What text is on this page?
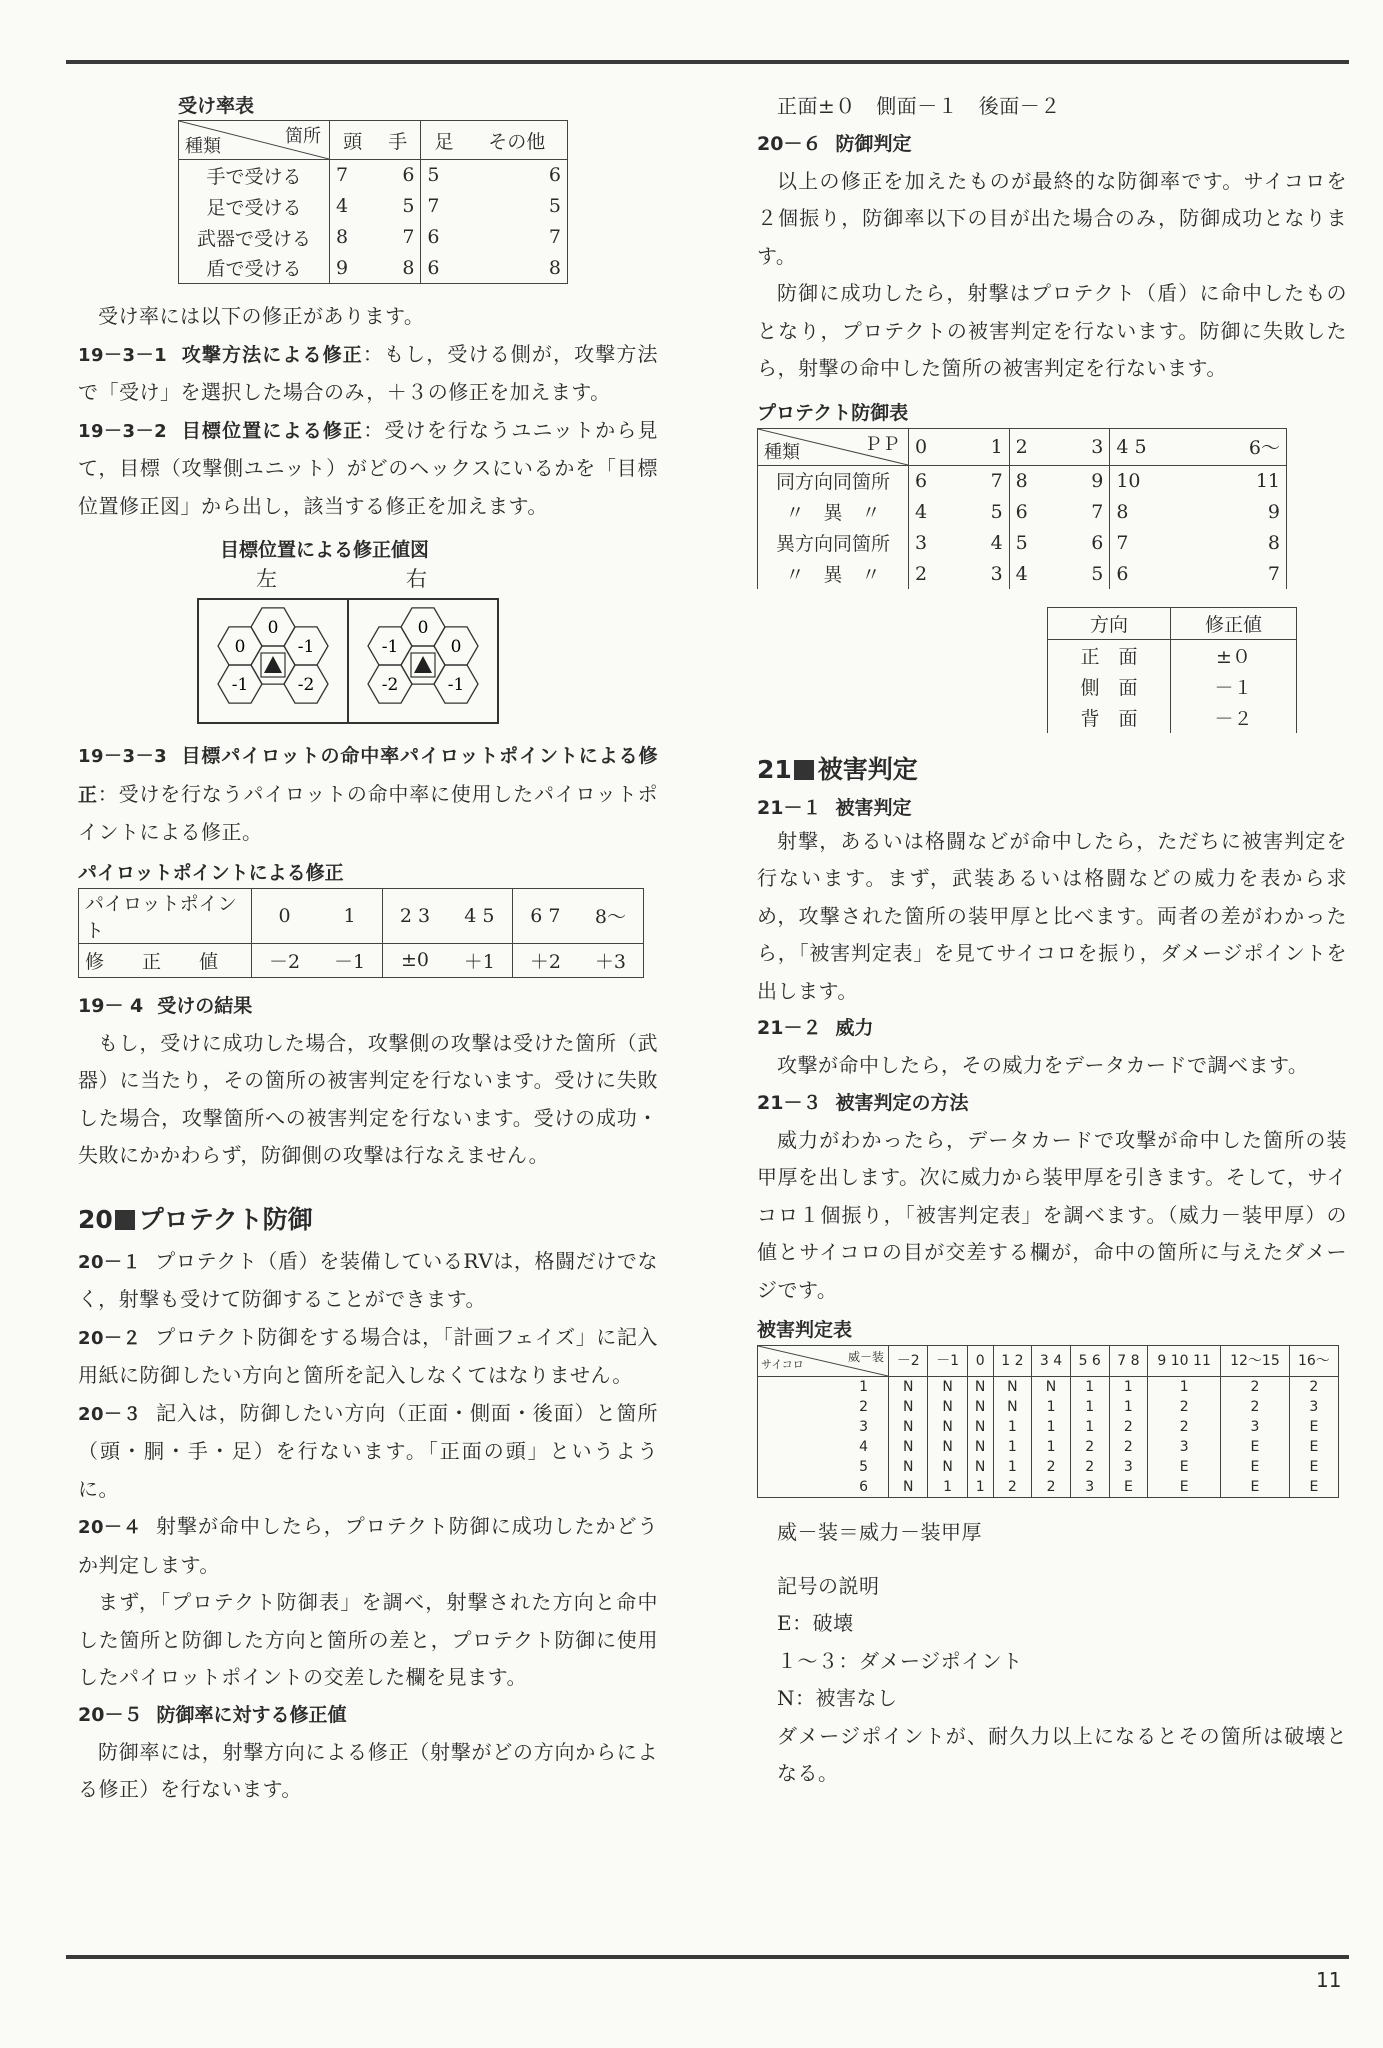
受け率表
箇所
種類	頭	手	足	その他
手で受ける	7	6	5	6
足で受ける	4	5	7	5
武器で受ける	8	7	6	7
盾で受ける	9	8	6	8

受け率には以下の修正があります。

19－3－1 攻撃方法による修正：もし，受ける側が，攻撃方法で「受け」を選択した場合のみ，＋３の修正を加えます。

19－3－2 目標位置による修正：受けを行なうユニットから見て，目標（攻撃側ユニット）がどのヘックスにいるかを「目標位置修正図」から出し，該当する修正を加えます。

目標位置による修正値図
左	右
0
0	-1
-1	-2
0
-1	0
-2	-1

19－3－3 目標パイロットの命中率パイロットポイントによる修正：受けを行なうパイロットの命中率に使用したパイロットポイントによる修正。

パイロットポイントによる修正
パイロットポイント	0	1	2 3	4 5	6 7	8～
修　　正　　値	－2	－1	±0	＋1	＋2	＋3
19－ 4 受けの結果

もし，受けに成功した場合，攻撃側の攻撃は受けた箇所（武器）に当たり，その箇所の被害判定を行ないます。受けに失敗した場合，攻撃箇所への被害判定を行ないます。受けの成功・失敗にかかわらず，防御側の攻撃は行なえません。

20 プロテクト防御

20－１ プロテクト（盾）を装備しているRVは，格闘だけでなく，射撃も受けて防御することができます。

20－２ プロテクト防御をする場合は，「計画フェイズ」に記入用紙に防御したい方向と箇所を記入しなくてはなりません。

20－３ 記入は，防御したい方向（正面・側面・後面）と箇所（頭・胴・手・足）を行ないます。「正面の頭」というように。

20－４ 射撃が命中したら，プロテクト防御に成功したかどうか判定します。

まず，「プロテクト防御表」を調べ，射撃された方向と命中した箇所と防御した方向と箇所の差と，プロテクト防御に使用したパイロットポイントの交差した欄を見ます。

20－５ 防御率に対する修正値

防御率には，射撃方向による修正（射撃がどの方向からによる修正）を行ないます。

正面±０　側面－１　後面－２

20－６ 防御判定

以上の修正を加えたものが最終的な防御率です。サイコロを２個振り，防御率以下の目が出た場合のみ，防御成功となります。

防御に成功したら，射撃はプロテクト（盾）に命中したものとなり，プロテクトの被害判定を行ないます。防御に失敗したら，射撃の命中した箇所の被害判定を行ないます。

プロテクト防御表
ＰＰ
種類	0	1	2	3	4 5	6～
同方向同箇所	6	7	8	9	10	11
〃　異　〃	4	5	6	7	8	9
異方向同箇所	3	4	5	6	7	8
〃　異　〃	2	3	4	5	6	7
方向	修正値
正　面	±０
側　面	－１
背　面	－２
21 被害判定
21－１ 被害判定

射撃，あるいは格闘などが命中したら，ただちに被害判定を行ないます。まず，武装あるいは格闘などの威力を表から求め，攻撃された箇所の装甲厚と比べます。両者の差がわかったら，「被害判定表」を見てサイコロを振り，ダメージポイントを出します。

21－２ 威力

攻撃が命中したら，その威力をデータカードで調べます。

21－３ 被害判定の方法

威力がわかったら，データカードで攻撃が命中した箇所の装甲厚を出します。次に威力から装甲厚を引きます。そして，サイコロ１個振り，「被害判定表」を調べます。（威力－装甲厚）の値とサイコロの目が交差する欄が，命中の箇所に与えたダメージです。

被害判定表
威－装
サイコロ	－2	－1	0	1 2	3 4	5 6	7 8	9 10 11	12～15	16～
1	N	N	N	N	N	1	1	1	2	2
2	N	N	N	N	1	1	1	2	2	3
3	N	N	N	1	1	1	2	2	3	E
4	N	N	N	1	1	2	2	3	E	E
5	N	N	N	1	2	2	3	E	E	E
6	N	1	1	2	2	3	E	E	E	E

威－装＝威力－装甲厚

記号の説明

E：破壊

１～３：ダメージポイント

N：被害なし

ダメージポイントが、耐久力以上になるとその箇所は破壊となる。

11
